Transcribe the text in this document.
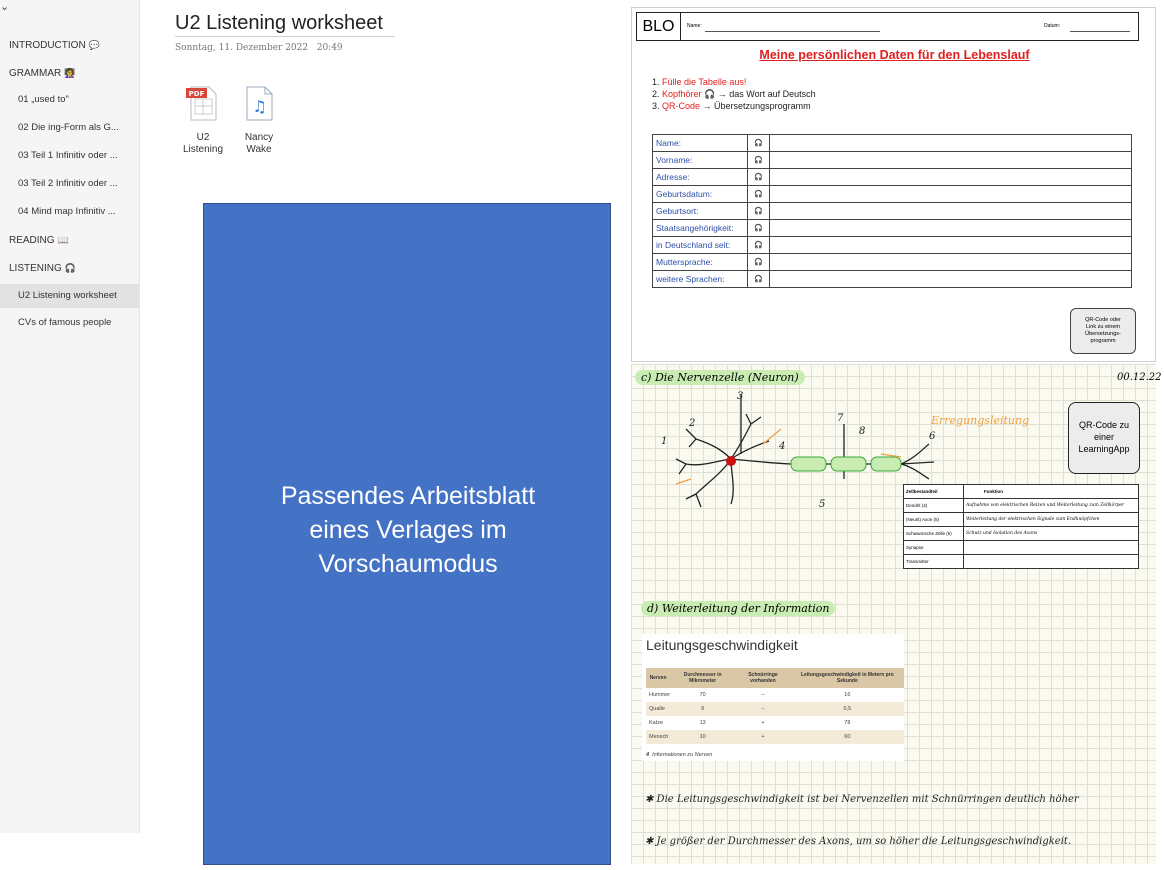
⌄
INTRODUCTION 💬
GRAMMAR 👩‍🏫
01 „used to"
02 Die ing-Form als G...
03 Teil 1 Infinitiv oder ...
03 Teil 2 Infinitiv oder ...
04 Mind map Infinitiv ...
READING 📖
LISTENING 🎧
U2 Listening worksheet
CVs of famous people
U2 Listening worksheet
Sonntag, 11. Dezember 2022 20:49
PDF
U2
Listening
♫
Nancy
Wake
Passendes Arbeitsblatt
eines Verlages im
Vorschaumodus
BLO	Name:	Datum:
Meine persönlichen Daten für den Lebenslauf
1. Fülle die Tabelle aus!
2. Kopfhörer 🎧 → das Wort auf Deutsch
3. QR-Code → Übersetzungsprogramm
Name:	🎧	
Vorname:	🎧	
Adresse:	🎧	
Geburtsdatum:	🎧	
Geburtsort:	🎧	
Staatsangehörigkeit:	🎧	
in Deutschland seit:	🎧	
Muttersprache:	🎧	
weitere Sprachen:	🎧	
QR-Code oder
Link zu einem
Übersetzungs-
programm
c) Die Nervenzelle (Neuron)	00.12.22
Erregungsleitung
1
2
3
4
5
6
7
8
QR-Code zu
einer
LearningApp
Zellbestandteil	Funktion
Dendrit (4)	Aufnahme von elektrischen Reizen und Weiterleitung zum Zellkörper
(Neurit) Axon (5)	Weiterleitung der elektrischen Signale zum Endknöpfchen
Schwannsche Zelle (5)	Schutz und Isolation des Axons
Synapse	
Transmitter	
d) Weiterleitung der Information
Leitungsgeschwindigkeit
Nerven	Durchmesser in Mikrometer	Schnürringe vorhanden	Leitungsgeschwindigkeit in Metern pro Sekunde
Hummer	70	--	16
Qualle	9	--	0,5
Katze	13	+	78
Mensch	10	+	60
4 Informationen zu Nerven
✱ Die Leitungsgeschwindigkeit ist bei Nervenzellen mit Schnürringen deutlich höher
✱ Je größer der Durchmesser des Axons, um so höher die Leitungsgeschwindigkeit.
